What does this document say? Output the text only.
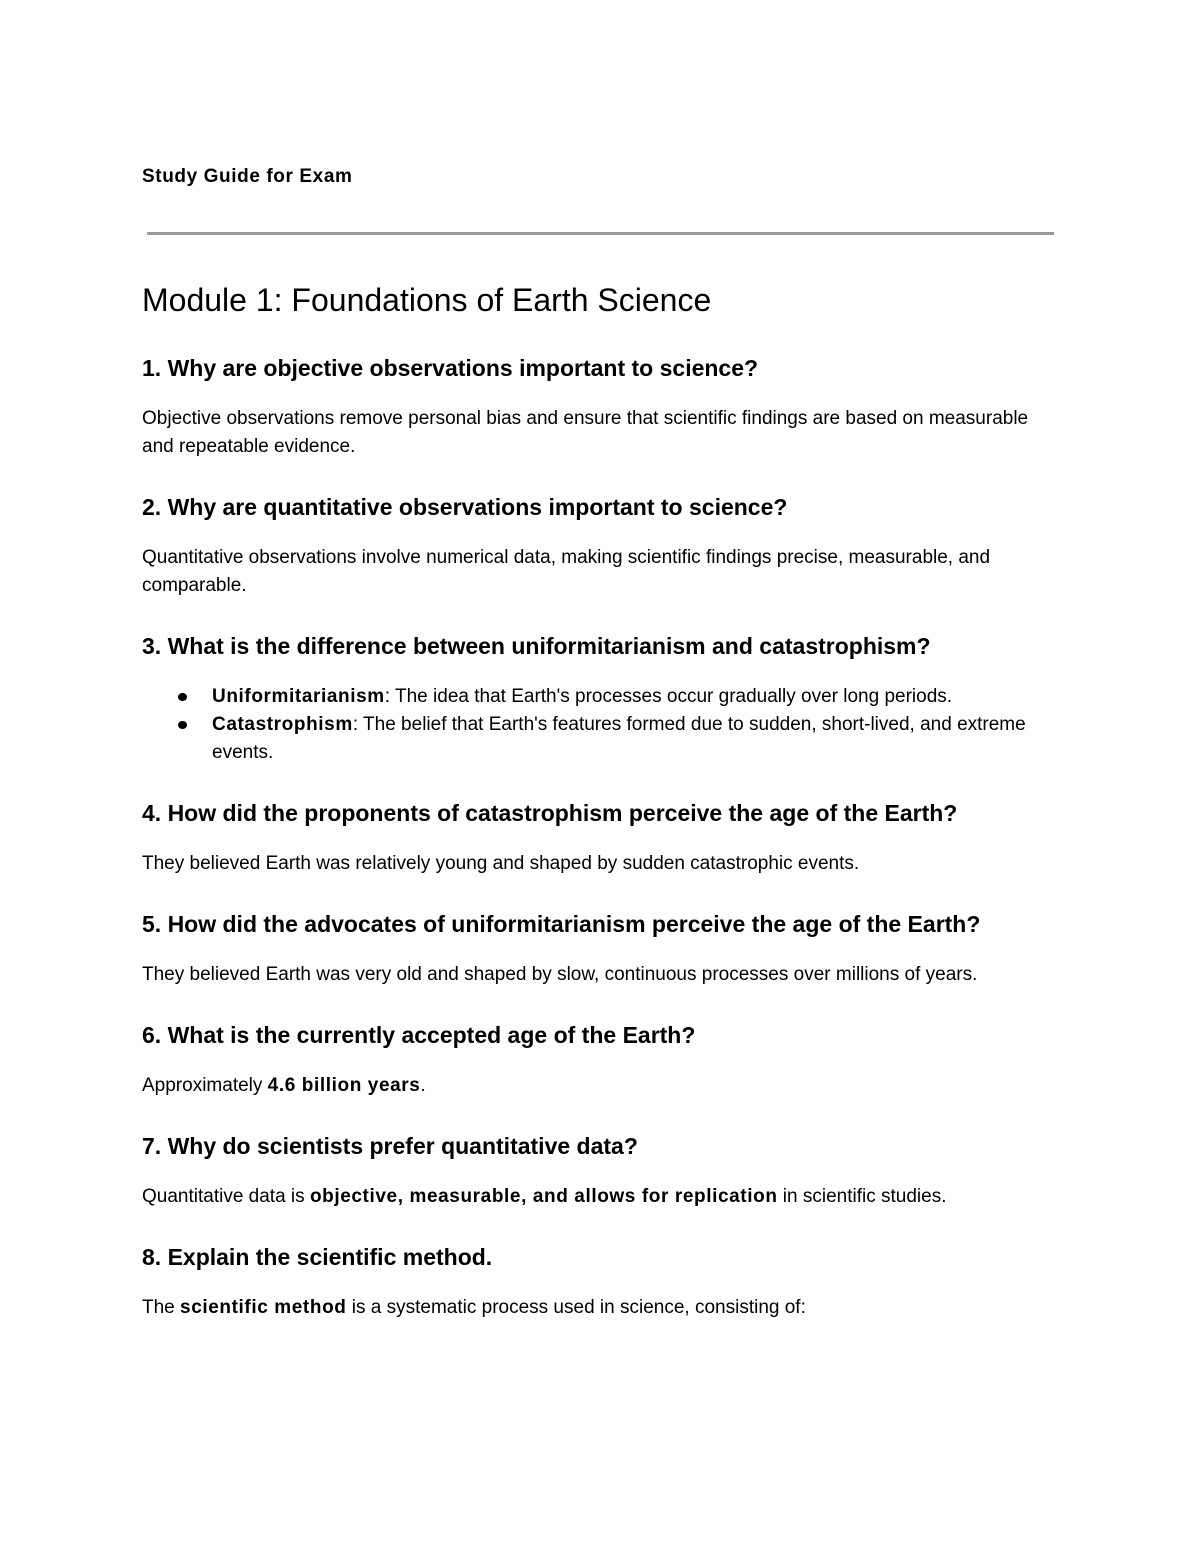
Study Guide for Exam
Module 1: Foundations of Earth Science

1. Why are objective observations important to science?

Objective observations remove personal bias and ensure that scientific findings are based on measurable and repeatable evidence.

2. Why are quantitative observations important to science?

Quantitative observations involve numerical data, making scientific findings precise, measurable, and comparable.

3. What is the difference between uniformitarianism and catastrophism?

Uniformitarianism: The idea that Earth's processes occur gradually over long periods.
Catastrophism: The belief that Earth's features formed due to sudden, short-lived, and extreme events.

4. How did the proponents of catastrophism perceive the age of the Earth?

They believed Earth was relatively young and shaped by sudden catastrophic events.

5. How did the advocates of uniformitarianism perceive the age of the Earth?

They believed Earth was very old and shaped by slow, continuous processes over millions of years.

6. What is the currently accepted age of the Earth?

Approximately 4.6 billion years.

7. Why do scientists prefer quantitative data?

Quantitative data is objective, measurable, and allows for replication in scientific studies.

8. Explain the scientific method.

The scientific method is a systematic process used in science, consisting of:
